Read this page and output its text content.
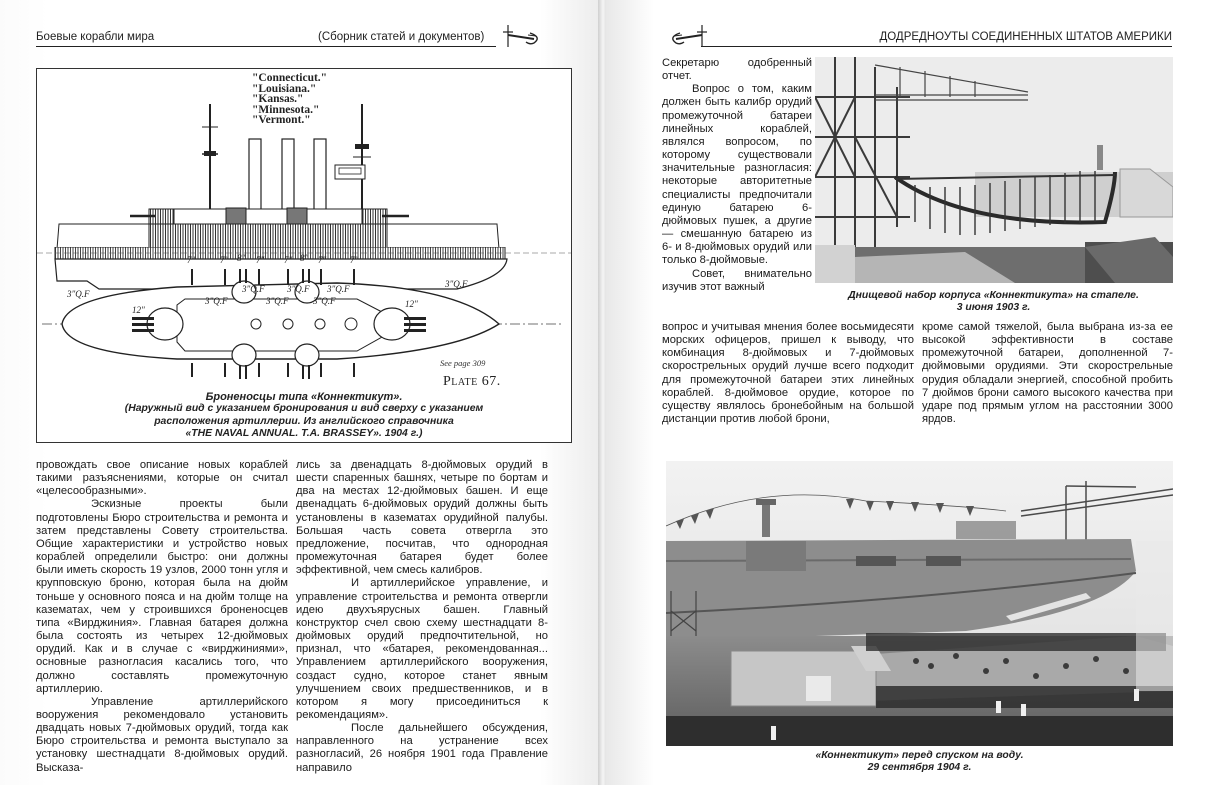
Боевые корабли мира	(Сборник статей и документов)
"Connecticut."
"Louisiana."
"Kansas."
"Minnesota."
"Vermont."
7"	7" 8" 7" 7" 8" 7"	7"
3"Q.F
3"Q.F
3"Q.F 3"Q.F 3"Q.F
3"Q.F	3"Q.F	3"Q.F
12"
12"
See page 309
Plate 67.
Броненосцы типа «Коннектикут».
(Наружный вид с указанием бронирования и вид сверху с указанием
расположения артиллерии. Из английского справочника
«THE NAVAL ANNUAL. T.A. BRASSEY». 1904 г.)

провождать свое описание новых кораблей такими разъяснениями, которые он считал «целесообразными».

Эскизные проекты были подготовлены Бюро строительства и ремонта и затем представлены Совету строительства. Общие характеристики и устройство новых кораблей определили быстро: они должны были иметь скорость 19 узлов, 2000 тонн угля и крупповскую броню, которая была на дюйм тоньше у основного пояса и на дюйм толще на казематах, чем у строившихся броненосцев типа «Вирджиния». Главная батарея должна была состоять из четырех 12-дюймовых орудий. Как и в случае с «вирджиниями», основные разногласия касались того, что должно составлять промежуточную артиллерию.

Управление артиллерийского вооружения рекомендовало установить двадцать новых 7-дюймовых орудий, тогда как Бюро строительства и ремонта выступало за установку шестнадцати 8-дюймовых орудий. Высказа-

лись за двенадцать 8-дюймовых орудий в шести спаренных башнях, четыре по бортам и два на местах 12-дюймовых башен. И еще двенадцать 6-дюймовых орудий должны быть установлены в казематах орудийной палубы. Большая часть совета отвергла это предложение, посчитав, что однородная промежуточная батарея будет более эффективной, чем смесь калибров.

И артиллерийское управление, и управление строительства и ремонта отвергли идею двухъярусных башен. Главный конструктор счел свою схему шестнадцати 8-дюймовых орудий предпочтительной, но признал, что «батарея, рекомендованная... Управлением артиллерийского вооружения, создаст судно, которое станет явным улучшением своих предшественников, и в котором я могу присоединиться к рекомендациям».

После дальнейшего обсуждения, направленного на устранение всех разногласий, 26 ноября 1901 года Правление направило

ДОДРЕДНОУТЫ СОЕДИНЕННЫХ ШТАТОВ АМЕРИКИ

Секретарю одобренный отчет.

Вопрос о том, каким должен быть калибр орудий промежуточной батареи линейных кораблей, являлся вопросом, по которому существовали значительные разногласия: некоторые авторитетные специалисты предпочитали единую батарею 6-дюймовых пушек, а другие — смешанную батарею из 6- и 8-дюймовых орудий или только 8-дюймовые.

Совет, внимательно изучив этот важный

Днищевой набор корпуса «Коннектикута» на стапеле.
3 июня 1903 г.

вопрос и учитывая мнения более восьмидесяти морских офицеров, пришел к выводу, что комбинация 8-дюймовых и 7-дюймовых скорострельных орудий лучше всего подходит для промежуточной батареи этих линейных кораблей. 8-дюймовое орудие, которое по существу являлось бронебойным на большой дистанции против любой брони,

кроме самой тяжелой, была выбрана из-за ее высокой эффективности в составе промежуточной батареи, дополненной 7-дюймовыми орудиями. Эти скорострельные орудия обладали энергией, способной пробить 7 дюймов брони самого высокого качества при ударе под прямым углом на расстоянии 3000 ярдов.

«Коннектикут» перед спуском на воду.
29 сентября 1904 г.
